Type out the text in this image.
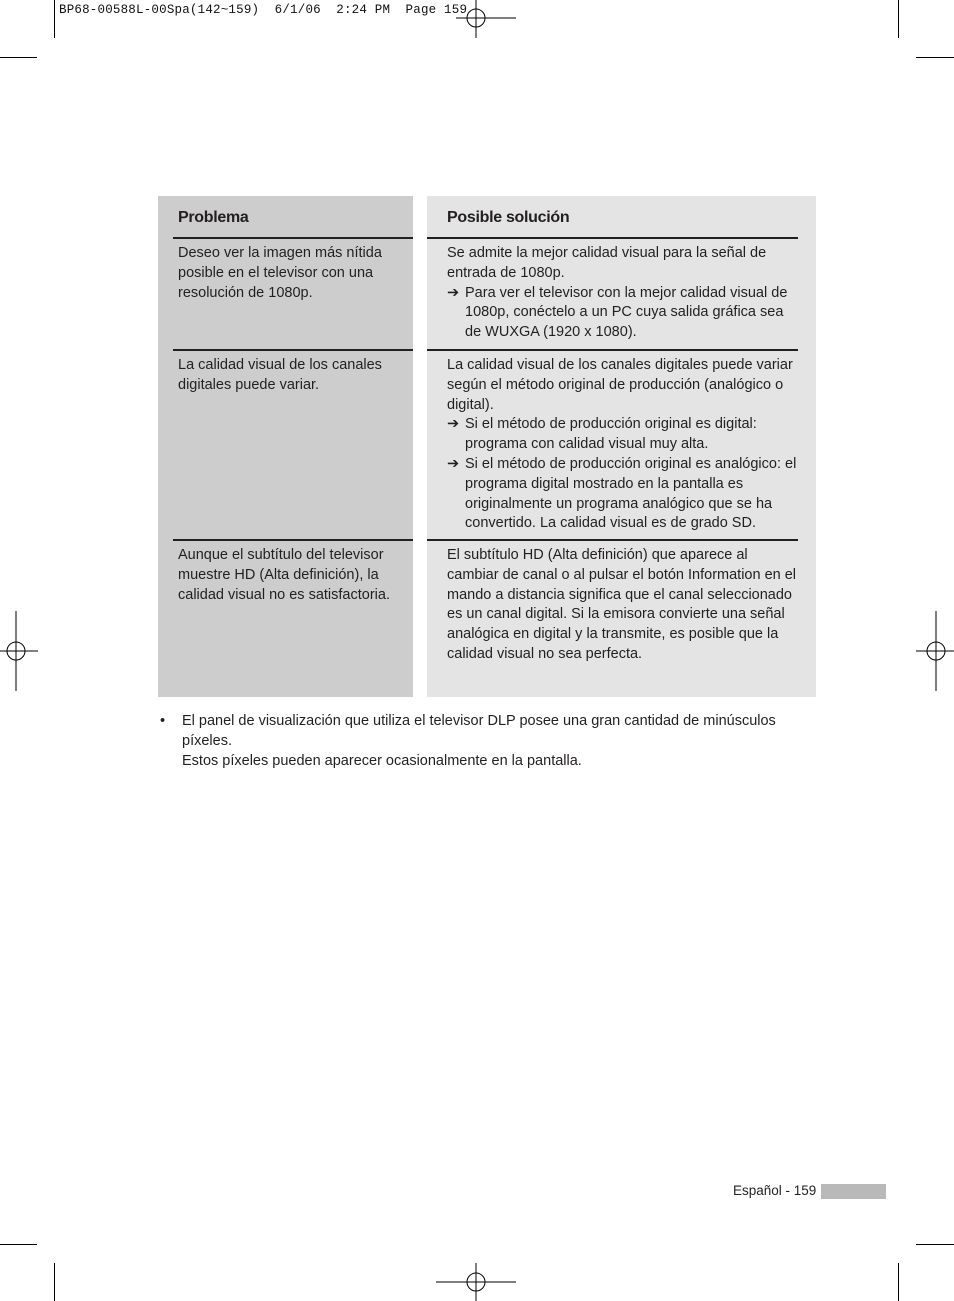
BP68-00588L-00Spa(142~159)  6/1/06  2:24 PM  Page 159
Problema	Posible solución

Deseo ver la imagen más nítida posible en el televisor con una resolución de 1080p.

Se admite la mejor calidad visual para la señal de entrada de 1080p.

➔ Para ver el televisor con la mejor calidad visual de 1080p, conéctelo a un PC cuya salida gráfica sea de WUXGA (1920 x 1080).

La calidad visual de los canales digitales puede variar.

La calidad visual de los canales digitales puede variar según el método original de producción (analógico o digital).

➔ Si el método de producción original es digital: programa con calidad visual muy alta.

➔ Si el método de producción original es analógico: el programa digital mostrado en la pantalla es originalmente un programa analógico que se ha convertido. La calidad visual es de grado SD.

Aunque el subtítulo del televisor muestre HD (Alta definición), la calidad visual no es satisfactoria.

El subtítulo HD (Alta definición) que aparece al cambiar de canal o al pulsar el botón Information en el mando a distancia significa que el canal seleccionado es un canal digital. Si la emisora convierte una señal analógica en digital y la transmite, es posible que la calidad visual no sea perfecta.

• El panel de visualización que utiliza el televisor DLP posee una gran cantidad de minúsculos píxeles.

Estos píxeles pueden aparecer ocasionalmente en la pantalla.

Español - 159
